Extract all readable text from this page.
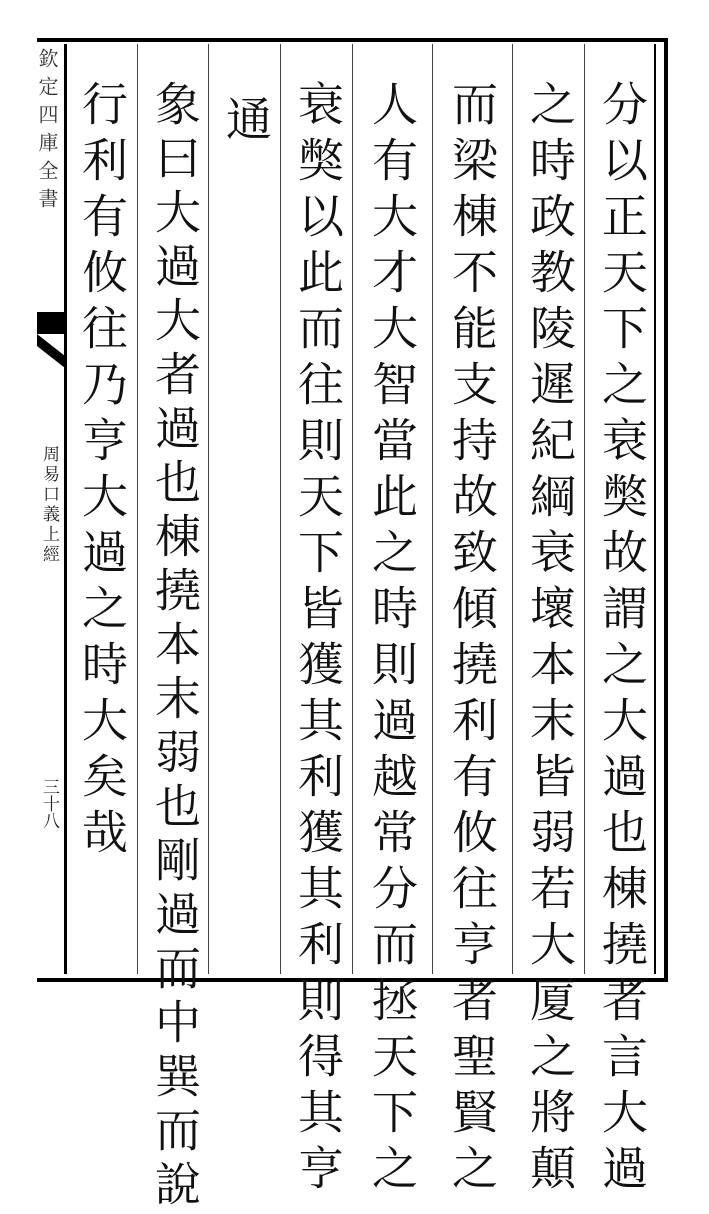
分以正天下之衰獘故謂之大過也棟撓者言大過
之時政教陵遲紀綱衰壞本末皆弱若大厦之將顛
而梁棟不能支持故致傾撓利有攸往亨者聖賢之
人有大才大智當此之時則過越常分而拯天下之
衰獘以此而往則天下皆獲其利獲其利則得其亨
通
象曰大過大者過也棟撓本末弱也剛過而中巽而說
行利有攸往乃亨大過之時大矣哉
欽定四庫全書
周易口義上經
三十八
